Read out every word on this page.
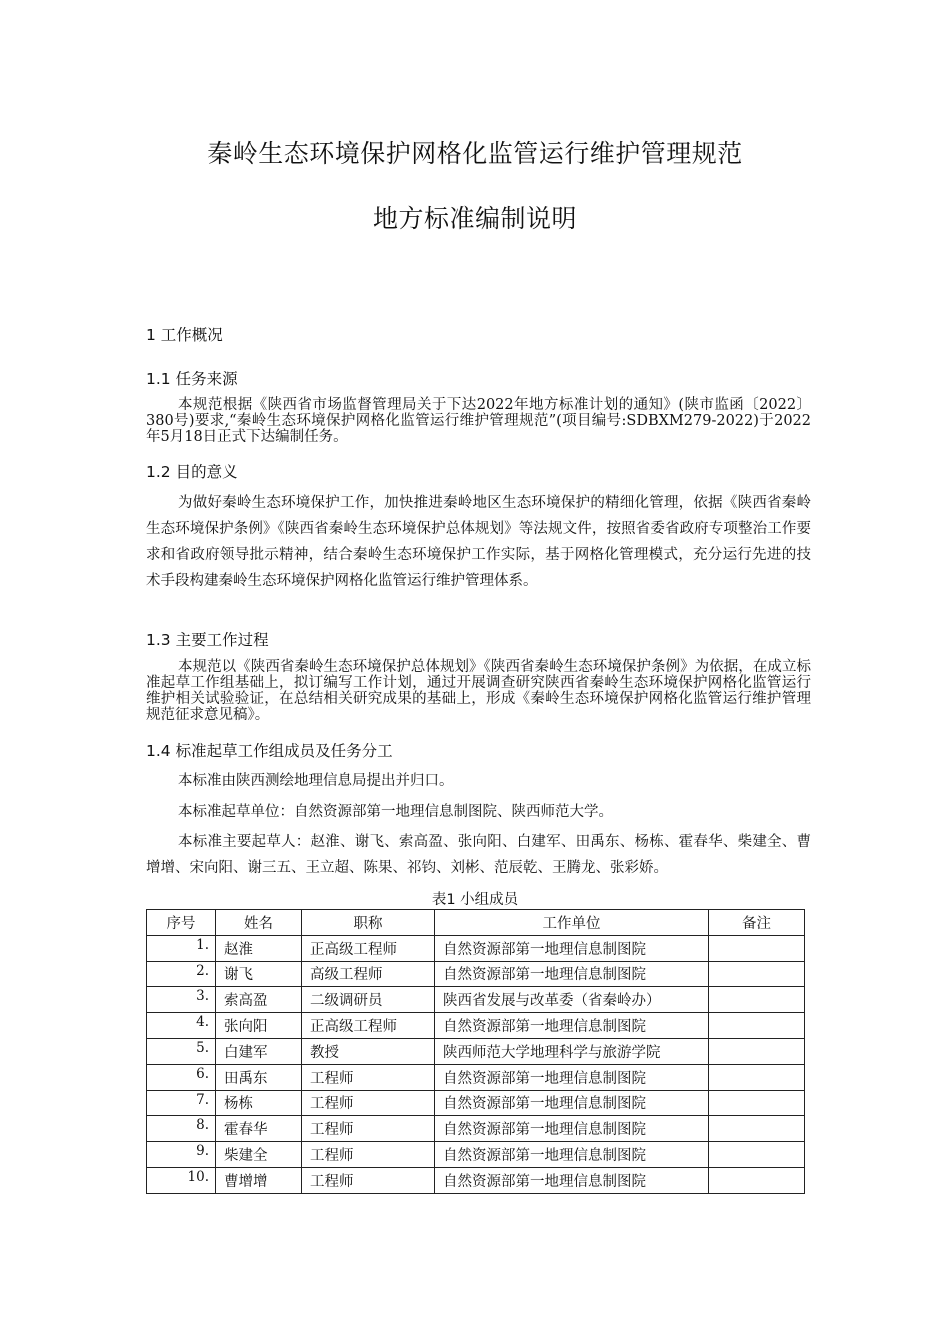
秦岭生态环境保护网格化监管运行维护管理规范
地方标准编制说明
1 工作概况
1.1 任务来源
本规范根据《陕西省市场监督管理局关于下达2022年地方标准计划的通知》(陕市监函〔2022〕380号)要求,“秦岭生态环境保护网格化监管运行维护管理规范”(项目编号:SDBXM279-2022)于2022年5月18日正式下达编制任务。
1.2 目的意义
为做好秦岭生态环境保护工作，加快推进秦岭地区生态环境保护的精细化管理，依据《陕西省秦岭生态环境保护条例》《陕西省秦岭生态环境保护总体规划》等法规文件，按照省委省政府专项整治工作要求和省政府领导批示精神，结合秦岭生态环境保护工作实际，基于网格化管理模式，充分运行先进的技术手段构建秦岭生态环境保护网格化监管运行维护管理体系。
1.3 主要工作过程
本规范以《陕西省秦岭生态环境保护总体规划》《陕西省秦岭生态环境保护条例》为依据，在成立标准起草工作组基础上，拟订编写工作计划，通过开展调查研究陕西省秦岭生态环境保护网格化监管运行维护相关试验验证，在总结相关研究成果的基础上，形成《秦岭生态环境保护网格化监管运行维护管理规范征求意见稿》。
1.4 标准起草工作组成员及任务分工
本标准由陕西测绘地理信息局提出并归口。
本标准起草单位：自然资源部第一地理信息制图院、陕西师范大学。
本标准主要起草人：赵淮、谢飞、索高盈、张向阳、白建军、田禹东、杨栋、霍春华、柴建全、曹增增、宋向阳、谢三五、王立超、陈果、祁钧、刘彬、范辰乾、王腾龙、张彩娇。
表1 小组成员
序号	姓名	职称	工作单位	备注
1.	赵淮	正高级工程师	自然资源部第一地理信息制图院	
2.	谢飞	高级工程师	自然资源部第一地理信息制图院	
3.	索高盈	二级调研员	陕西省发展与改革委（省秦岭办）	
4.	张向阳	正高级工程师	自然资源部第一地理信息制图院	
5.	白建军	教授	陕西师范大学地理科学与旅游学院	
6.	田禹东	工程师	自然资源部第一地理信息制图院	
7.	杨栋	工程师	自然资源部第一地理信息制图院	
8.	霍春华	工程师	自然资源部第一地理信息制图院	
9.	柴建全	工程师	自然资源部第一地理信息制图院	
10.	曹增增	工程师	自然资源部第一地理信息制图院	
